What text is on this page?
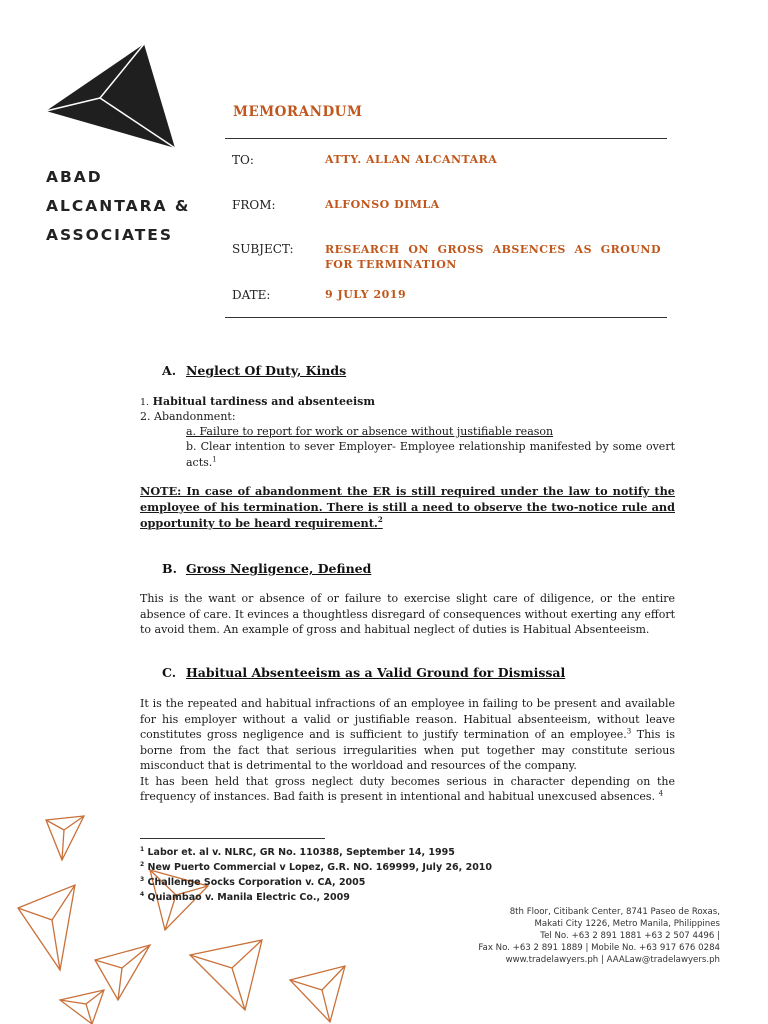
ABAD
ALCANTARA &
ASSOCIATES
MEMORANDUM
TO:	ATTY. ALLAN ALCANTARA
FROM:	ALFONSO DIMLA
SUBJECT:	RESEARCH ON GROSS ABSENCES AS GROUND FOR TERMINATION
DATE:	9 JULY 2019
A. Neglect Of Duty, Kinds
1. Habitual tardiness and absenteeism
2. Abandonment:
a. Failure to report for work or absence without justifiable reason
b. Clear intention to sever Employer- Employee relationship manifested by some overt acts.$^1$
NOTE: In case of abandonment the ER is still required under the law to notify the employee of his termination. There is still a need to observe the two-notice rule and opportunity to be heard requirement.$^2$
B. Gross Negligence, Defined
This is the want or absence of or failure to exercise slight care of diligence, or the entire absence of care. It evinces a thoughtless disregard of consequences without exerting any effort to avoid them. An example of gross and habitual neglect of duties is Habitual Absenteeism.
C. Habitual Absenteeism as a Valid Ground for Dismissal
It is the repeated and habitual infractions of an employee in failing to be present and available for his employer without a valid or justifiable reason. Habitual absenteeism, without leave constitutes gross negligence and is sufficient to justify termination of an employee.$^3$ This is borne from the fact that serious irregularities when put together may constitute serious misconduct that is detrimental to the worldoad and resources of the company.
It has been held that gross neglect duty becomes serious in character depending on the frequency of instances. Bad faith is present in intentional and habitual unexcused absences. $^4$
$^1$ Labor et. al v. NLRC, GR No. 110388, September 14, 1995
$^2$ New Puerto Commercial v Lopez, G.R. NO. 169999, July 26, 2010
$^3$ Challenge Socks Corporation v. CA, 2005
$^4$ Quiambao v. Manila Electric Co., 2009
8th Floor, Citibank Center, 8741 Paseo de Roxas,
Makati City 1226, Metro Manila, Philippines
Tel No. +63 2 891 1881 +63 2 507 4496 |
Fax No. +63 2 891 1889 | Mobile No. +63 917 676 0284
www.tradelawyers.ph | AAALaw@tradelawyers.ph
